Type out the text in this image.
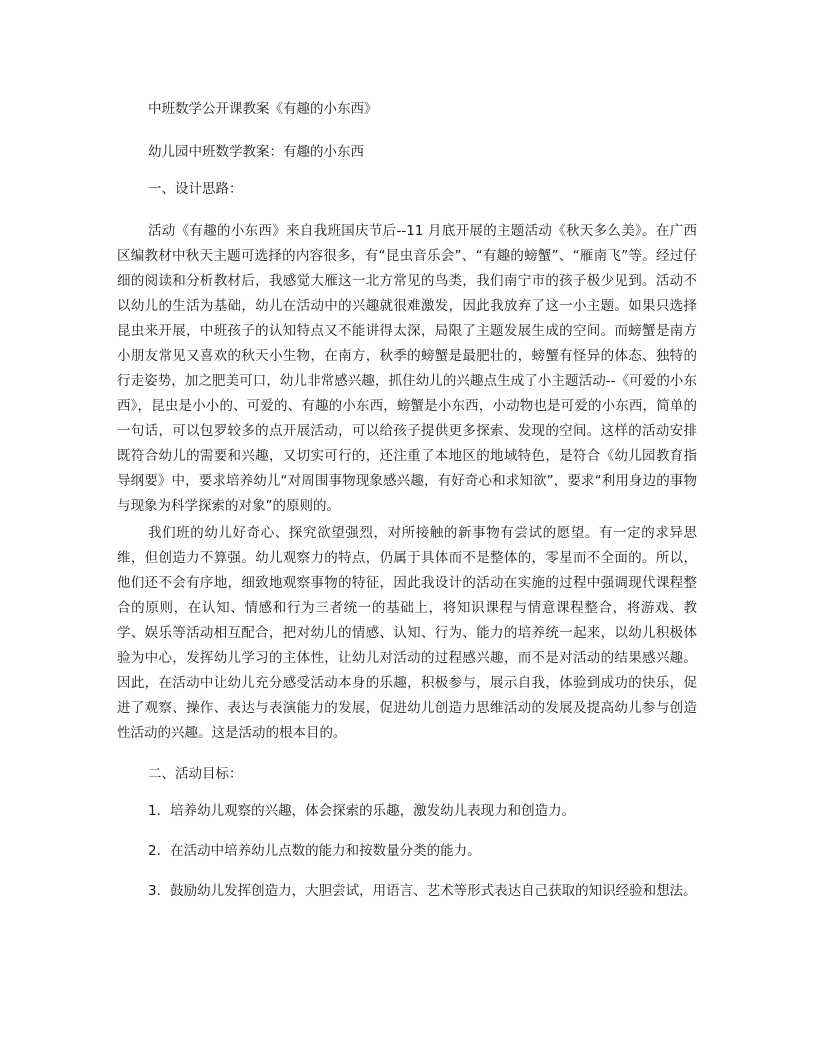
中班数学公开课教案《有趣的小东西》
幼儿园中班数学教案：有趣的小东西
一、设计思路：

活动《有趣的小东西》来自我班国庆节后--11 月底开展的主题活动《秋天多么美》。在广西区编教材中秋天主题可选择的内容很多，有“昆虫音乐会”、“有趣的螃蟹”、“雁南飞”等。经过仔细的阅读和分析教材后，我感觉大雁这一北方常见的鸟类，我们南宁市的孩子极少见到。活动不以幼儿的生活为基础，幼儿在活动中的兴趣就很难激发，因此我放弃了这一小主题。如果只选择昆虫来开展，中班孩子的认知特点又不能讲得太深，局限了主题发展生成的空间。而螃蟹是南方小朋友常见又喜欢的秋天小生物，在南方，秋季的螃蟹是最肥壮的，螃蟹有怪异的体态、独特的行走姿势，加之肥美可口，幼儿非常感兴趣，抓住幼儿的兴趣点生成了小主题活动--《可爱的小东西》，昆虫是小小的、可爱的、有趣的小东西，螃蟹是小东西，小动物也是可爱的小东西，简单的一句话，可以包罗较多的点开展活动，可以给孩子提供更多探索、发现的空间。这样的活动安排既符合幼儿的需要和兴趣，又切实可行的，还注重了本地区的地域特色，是符合《幼儿园教育指导纲要》中，要求培养幼儿“对周围事物现象感兴趣，有好奇心和求知欲”，要求“利用身边的事物与现象为科学探索的对象”的原则的。

我们班的幼儿好奇心、探究欲望强烈，对所接触的新事物有尝试的愿望。有一定的求异思维，但创造力不算强。幼儿观察力的特点，仍属于具体而不是整体的，零星而不全面的。所以，他们还不会有序地，细致地观察事物的特征，因此我设计的活动在实施的过程中强调现代课程整合的原则，在认知、情感和行为三者统一的基础上，将知识课程与情意课程整合，将游戏、教学、娱乐等活动相互配合，把对幼儿的情感、认知、行为、能力的培养统一起来，以幼儿积极体验为中心，发挥幼儿学习的主体性，让幼儿对活动的过程感兴趣，而不是对活动的结果感兴趣。因此，在活动中让幼儿充分感受活动本身的乐趣，积极参与，展示自我，体验到成功的快乐，促进了观察、操作、表达与表演能力的发展，促进幼儿创造力思维活动的发展及提高幼儿参与创造性活动的兴趣。这是活动的根本目的。

二、活动目标：
1．培养幼儿观察的兴趣，体会探索的乐趣，激发幼儿表现力和创造力。
2．在活动中培养幼儿点数的能力和按数量分类的能力。

3．鼓励幼儿发挥创造力，大胆尝试，用语言、艺术等形式表达自己获取的知识经验和想法。
